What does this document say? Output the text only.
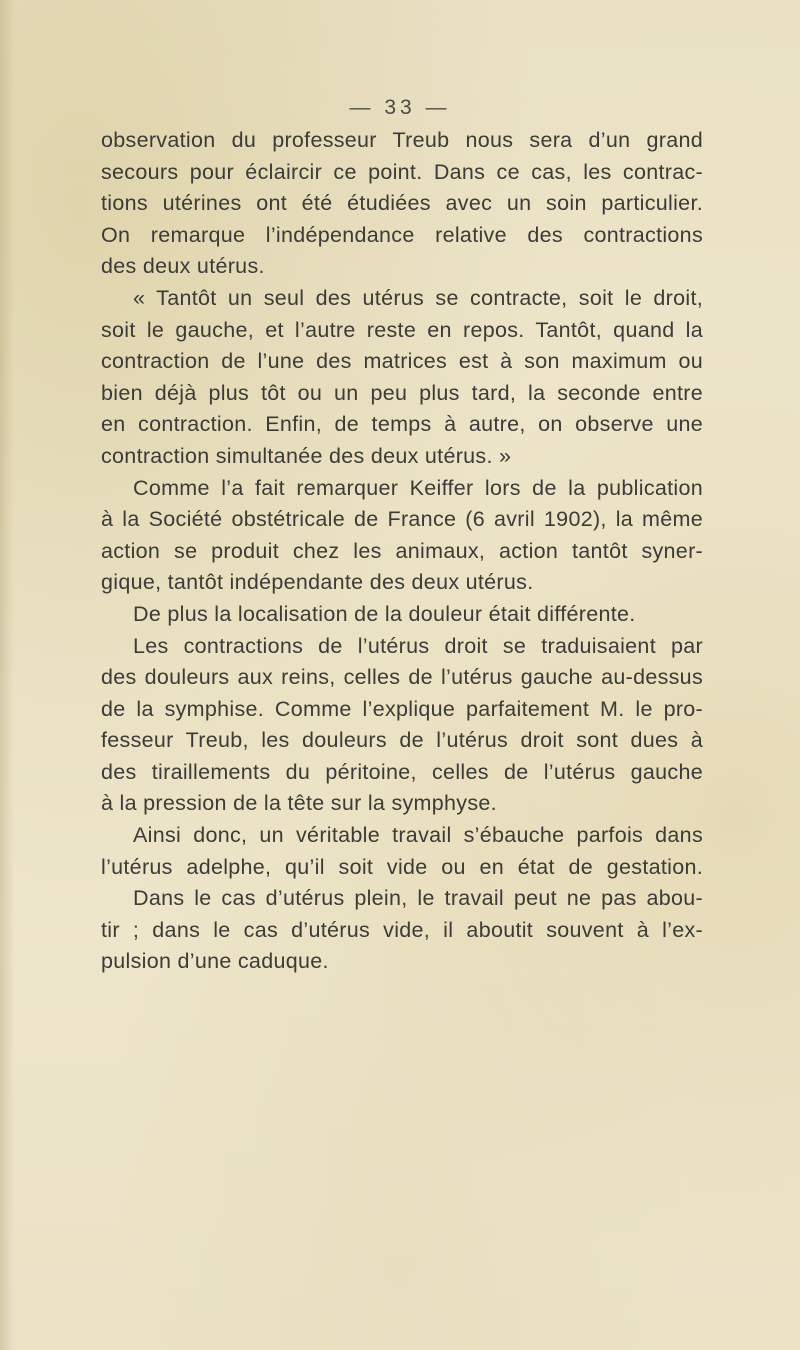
— 33 —
observation du professeur Treub nous sera d’un grand
secours pour éclaircir ce point. Dans ce cas, les contrac-
tions utérines ont été étudiées avec un soin particulier.
On remarque l’indépendance relative des contractions
des deux utérus.
« Tantôt un seul des utérus se contracte, soit le droit,
soit le gauche, et l’autre reste en repos. Tantôt, quand la
contraction de l’une des matrices est à son maximum ou
bien déjà plus tôt ou un peu plus tard, la seconde entre
en contraction. Enfin, de temps à autre, on observe une
contraction simultanée des deux utérus. »
Comme l’a fait remarquer Keiffer lors de la publication
à la Société obstétricale de France (6 avril 1902), la même
action se produit chez les animaux, action tantôt syner-
gique, tantôt indépendante des deux utérus.
De plus la localisation de la douleur était différente.
Les contractions de l’utérus droit se traduisaient par
des douleurs aux reins, celles de l’utérus gauche au-dessus
de la symphise. Comme l’explique parfaitement M. le pro-
fesseur Treub, les douleurs de l’utérus droit sont dues à
des tiraillements du péritoine, celles de l’utérus gauche
à la pression de la tête sur la symphyse.
Ainsi donc, un véritable travail s’ébauche parfois dans
l’utérus adelphe, qu’il soit vide ou en état de gestation.
Dans le cas d’utérus plein, le travail peut ne pas abou-
tir ; dans le cas d’utérus vide, il aboutit souvent à l’ex-
pulsion d’une caduque.
